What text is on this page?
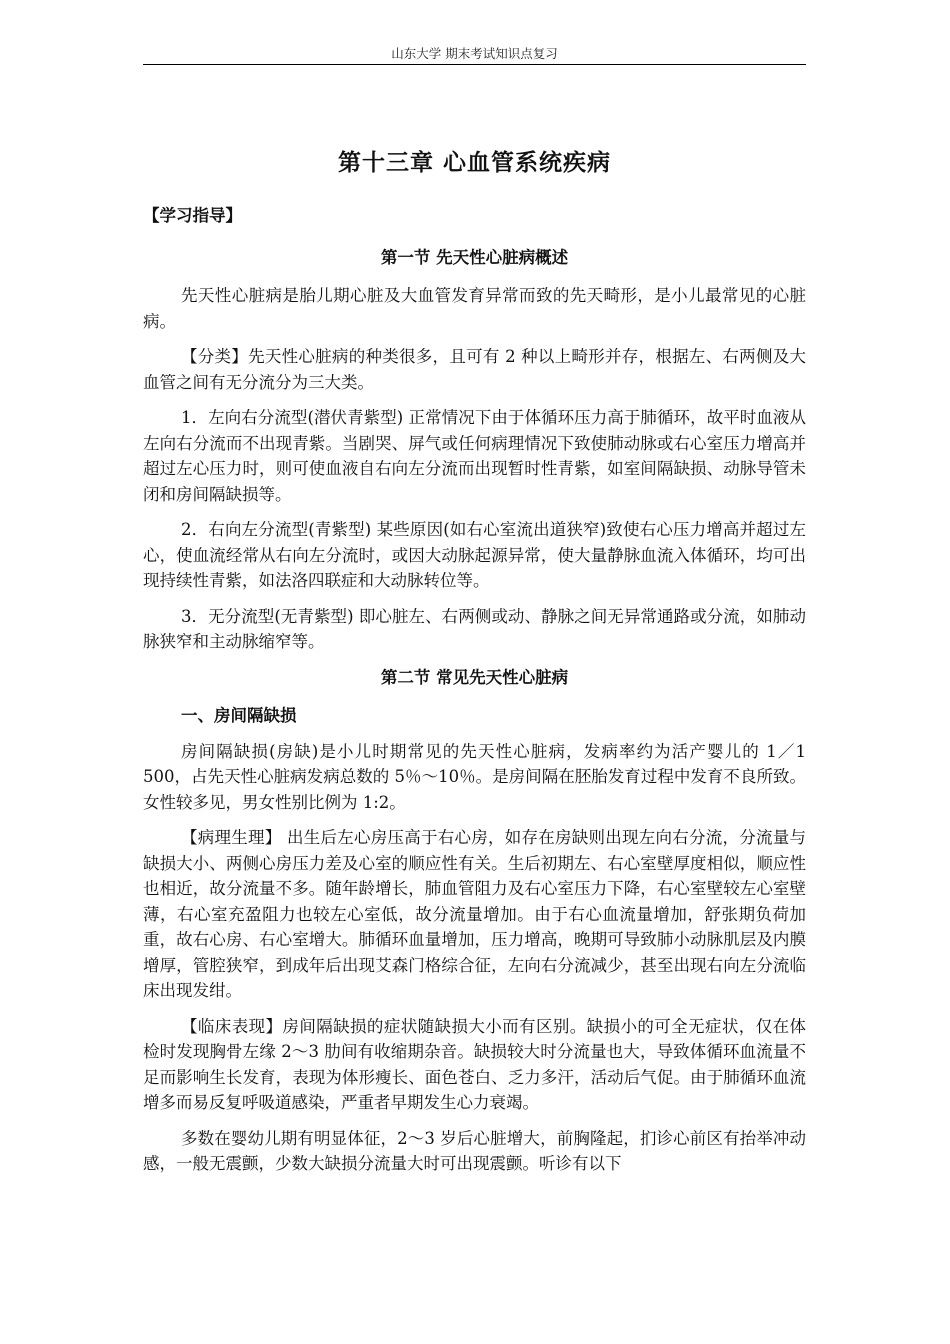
山东大学 期末考试知识点复习
第十三章 心血管系统疾病
【学习指导】
第一节 先天性心脏病概述

先天性心脏病是胎儿期心脏及大血管发育异常而致的先天畸形，是小儿最常见的心脏病。

【分类】先天性心脏病的种类很多，且可有 2 种以上畸形并存，根据左、右两侧及大血管之间有无分流分为三大类。

1．左向右分流型(潜伏青紫型) 正常情况下由于体循环压力高于肺循环，故平时血液从左向右分流而不出现青紫。当剧哭、屏气或任何病理情况下致使肺动脉或右心室压力增高并超过左心压力时，则可使血液自右向左分流而出现暂时性青紫，如室间隔缺损、动脉导管未闭和房间隔缺损等。

2．右向左分流型(青紫型) 某些原因(如右心室流出道狭窄)致使右心压力增高并超过左心，使血流经常从右向左分流时，或因大动脉起源异常，使大量静脉血流入体循环，均可出现持续性青紫，如法洛四联症和大动脉转位等。

3．无分流型(无青紫型) 即心脏左、右两侧或动、静脉之间无异常通路或分流，如肺动脉狭窄和主动脉缩窄等。

第二节 常见先天性心脏病
一、房间隔缺损

房间隔缺损(房缺)是小儿时期常见的先天性心脏病，发病率约为活产婴儿的 1／1 500，占先天性心脏病发病总数的 5％～10％。是房间隔在胚胎发育过程中发育不良所致。女性较多见，男女性别比例为 1:2。

【病理生理】 出生后左心房压高于右心房，如存在房缺则出现左向右分流，分流量与缺损大小、两侧心房压力差及心室的顺应性有关。生后初期左、右心室壁厚度相似，顺应性也相近，故分流量不多。随年龄增长，肺血管阻力及右心室压力下降，右心室壁较左心室壁薄，右心室充盈阻力也较左心室低，故分流量增加。由于右心血流量增加，舒张期负荷加重，故右心房、右心室增大。肺循环血量增加，压力增高，晚期可导致肺小动脉肌层及内膜增厚，管腔狭窄，到成年后出现艾森门格综合征，左向右分流减少，甚至出现右向左分流临床出现发绀。

【临床表现】房间隔缺损的症状随缺损大小而有区别。缺损小的可全无症状，仅在体检时发现胸骨左缘 2～3 肋间有收缩期杂音。缺损较大时分流量也大，导致体循环血流量不足而影响生长发育，表现为体形瘦长、面色苍白、乏力多汗，活动后气促。由于肺循环血流增多而易反复呼吸道感染，严重者早期发生心力衰竭。

多数在婴幼儿期有明显体征，2～3 岁后心脏增大，前胸隆起，扪诊心前区有抬举冲动感，一般无震颤，少数大缺损分流量大时可出现震颤。听诊有以下
